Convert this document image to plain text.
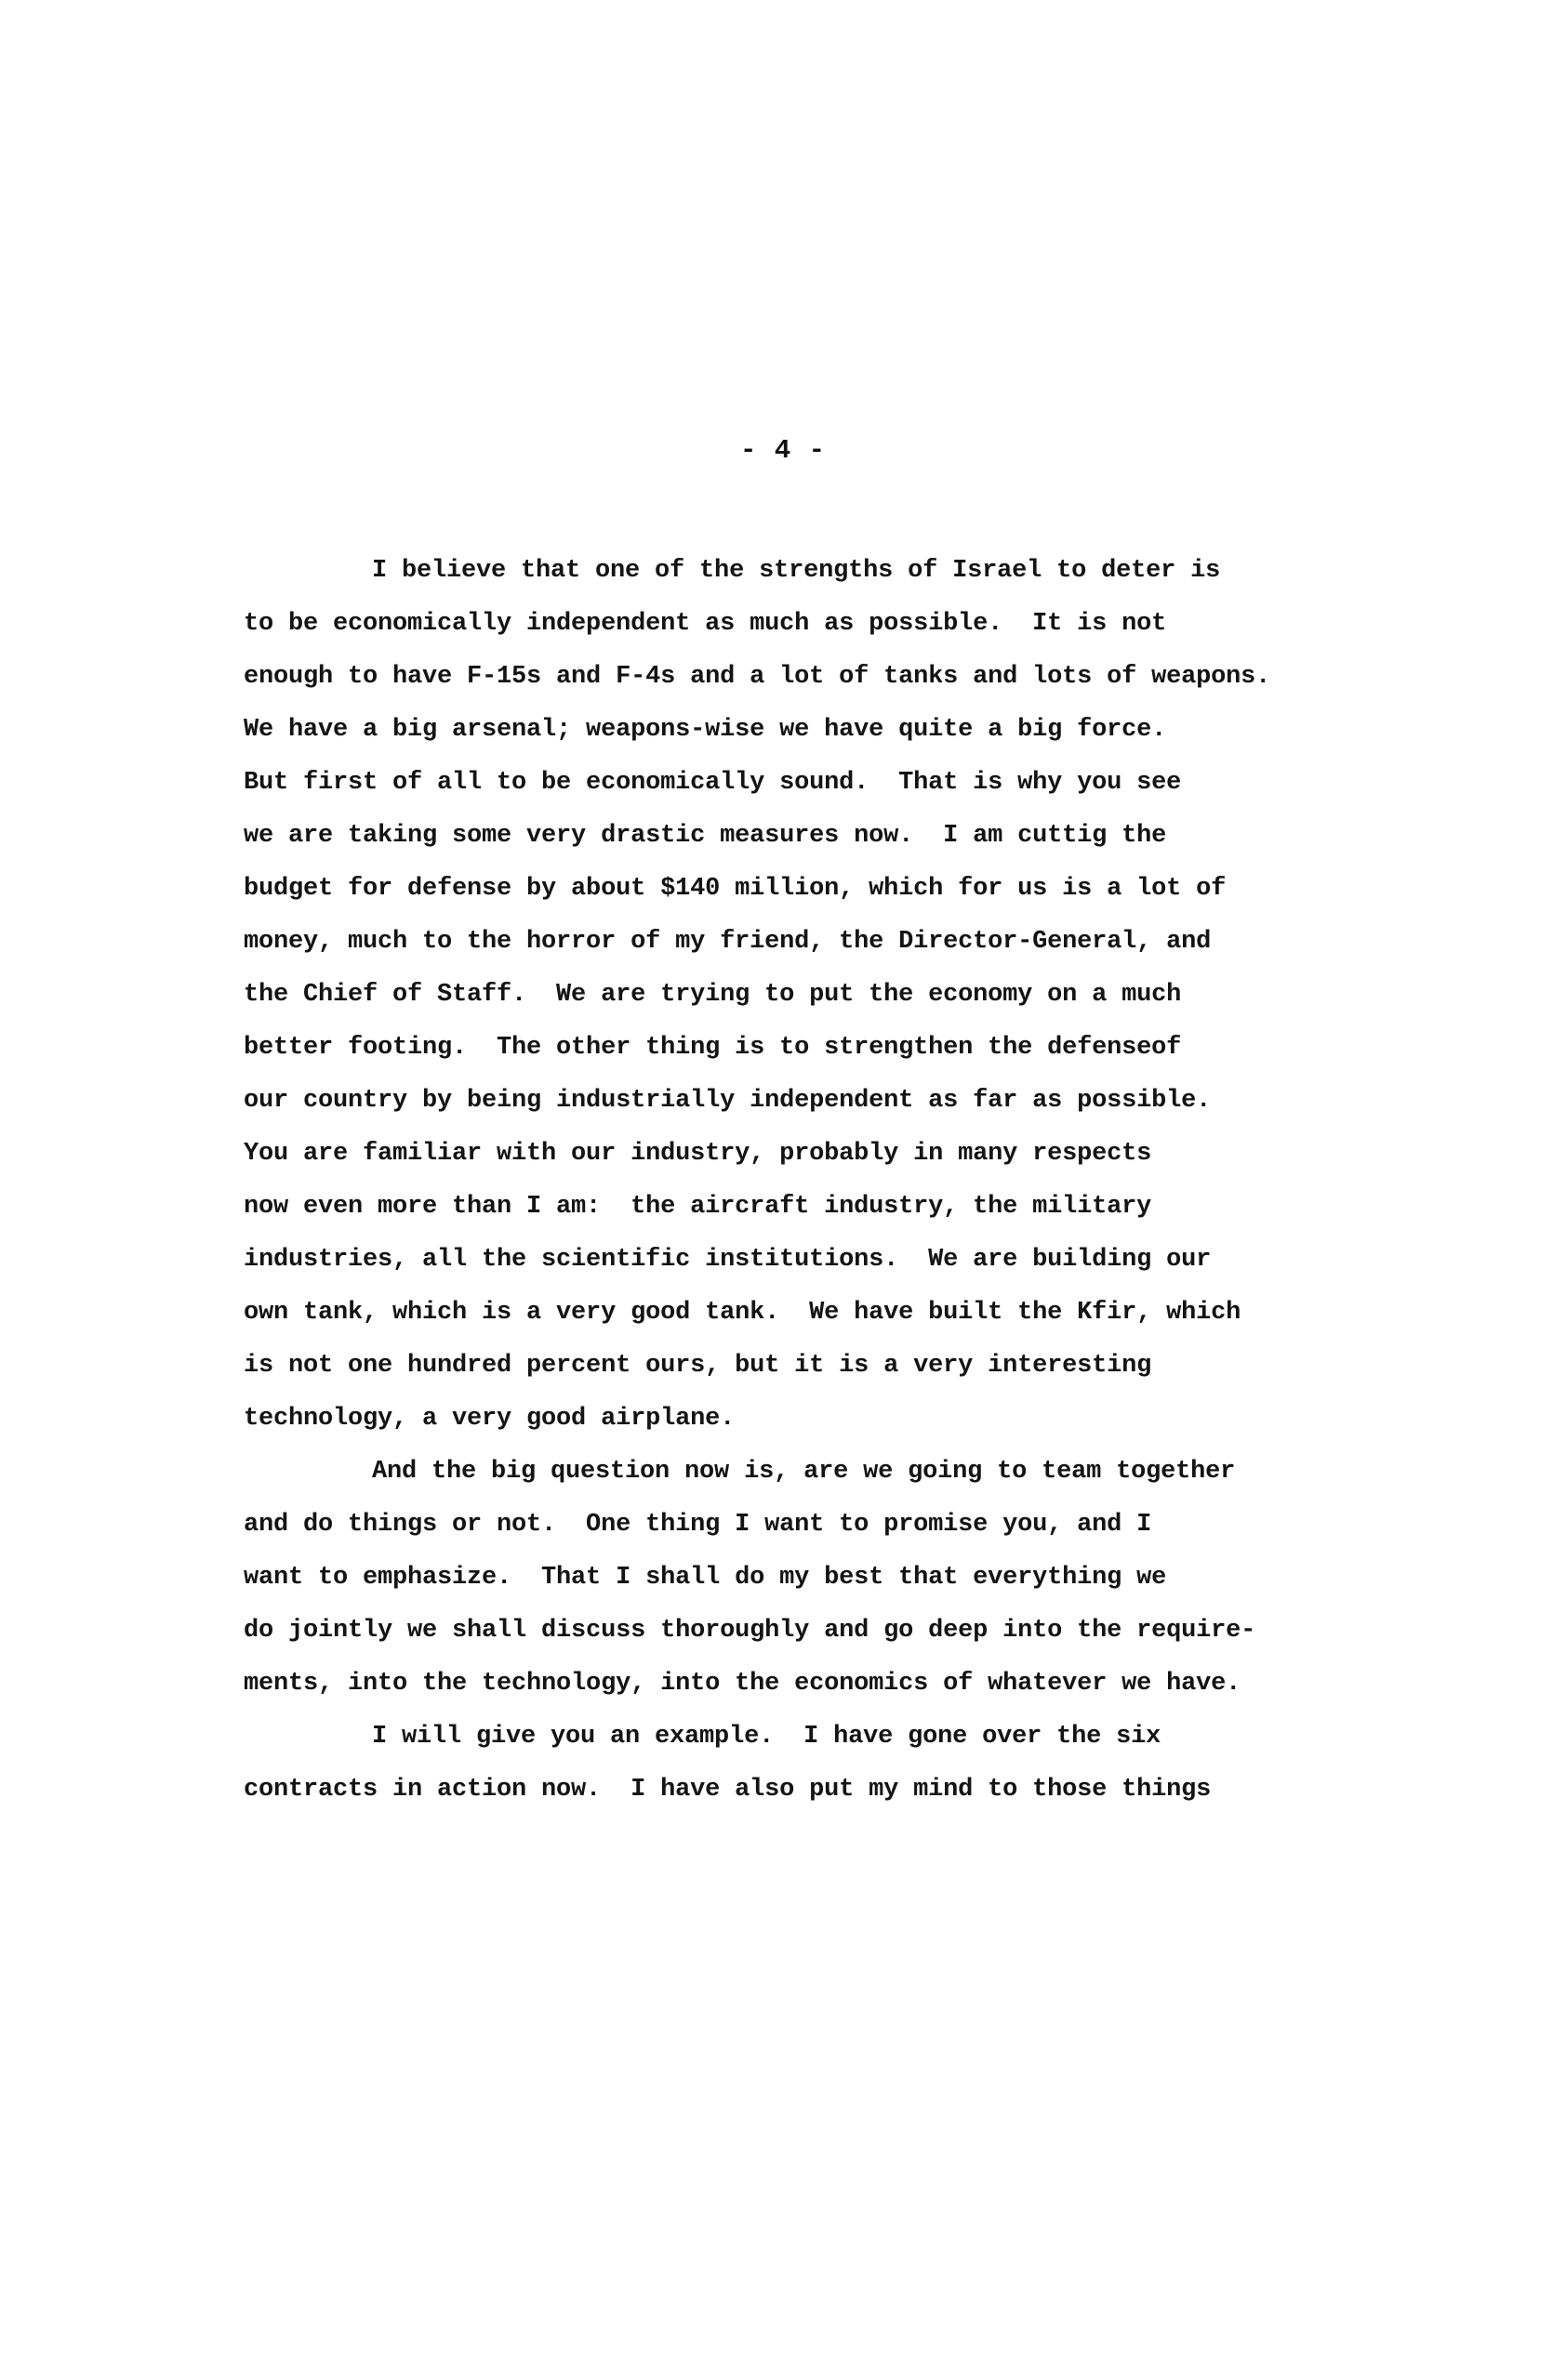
- 4 -
I believe that one of the strengths of Israel to deter is
to be economically independent as much as possible.  It is not
enough to have F-15s and F-4s and a lot of tanks and lots of weapons.
We have a big arsenal; weapons-wise we have quite a big force.
But first of all to be economically sound.  That is why you see
we are taking some very drastic measures now.  I am cuttig the
budget for defense by about $140 million, which for us is a lot of
money, much to the horror of my friend, the Director-General, and
the Chief of Staff.  We are trying to put the economy on a much
better footing.  The other thing is to strengthen the defenseof
our country by being industrially independent as far as possible.
You are familiar with our industry, probably in many respects
now even more than I am:  the aircraft industry, the military
industries, all the scientific institutions.  We are building our
own tank, which is a very good tank.  We have built the Kfir, which
is not one hundred percent ours, but it is a very interesting
technology, a very good airplane.
And the big question now is, are we going to team together
and do things or not.  One thing I want to promise you, and I
want to emphasize.  That I shall do my best that everything we
do jointly we shall discuss thoroughly and go deep into the require-
ments, into the technology, into the economics of whatever we have.
I will give you an example.  I have gone over the six
contracts in action now.  I have also put my mind to those things
